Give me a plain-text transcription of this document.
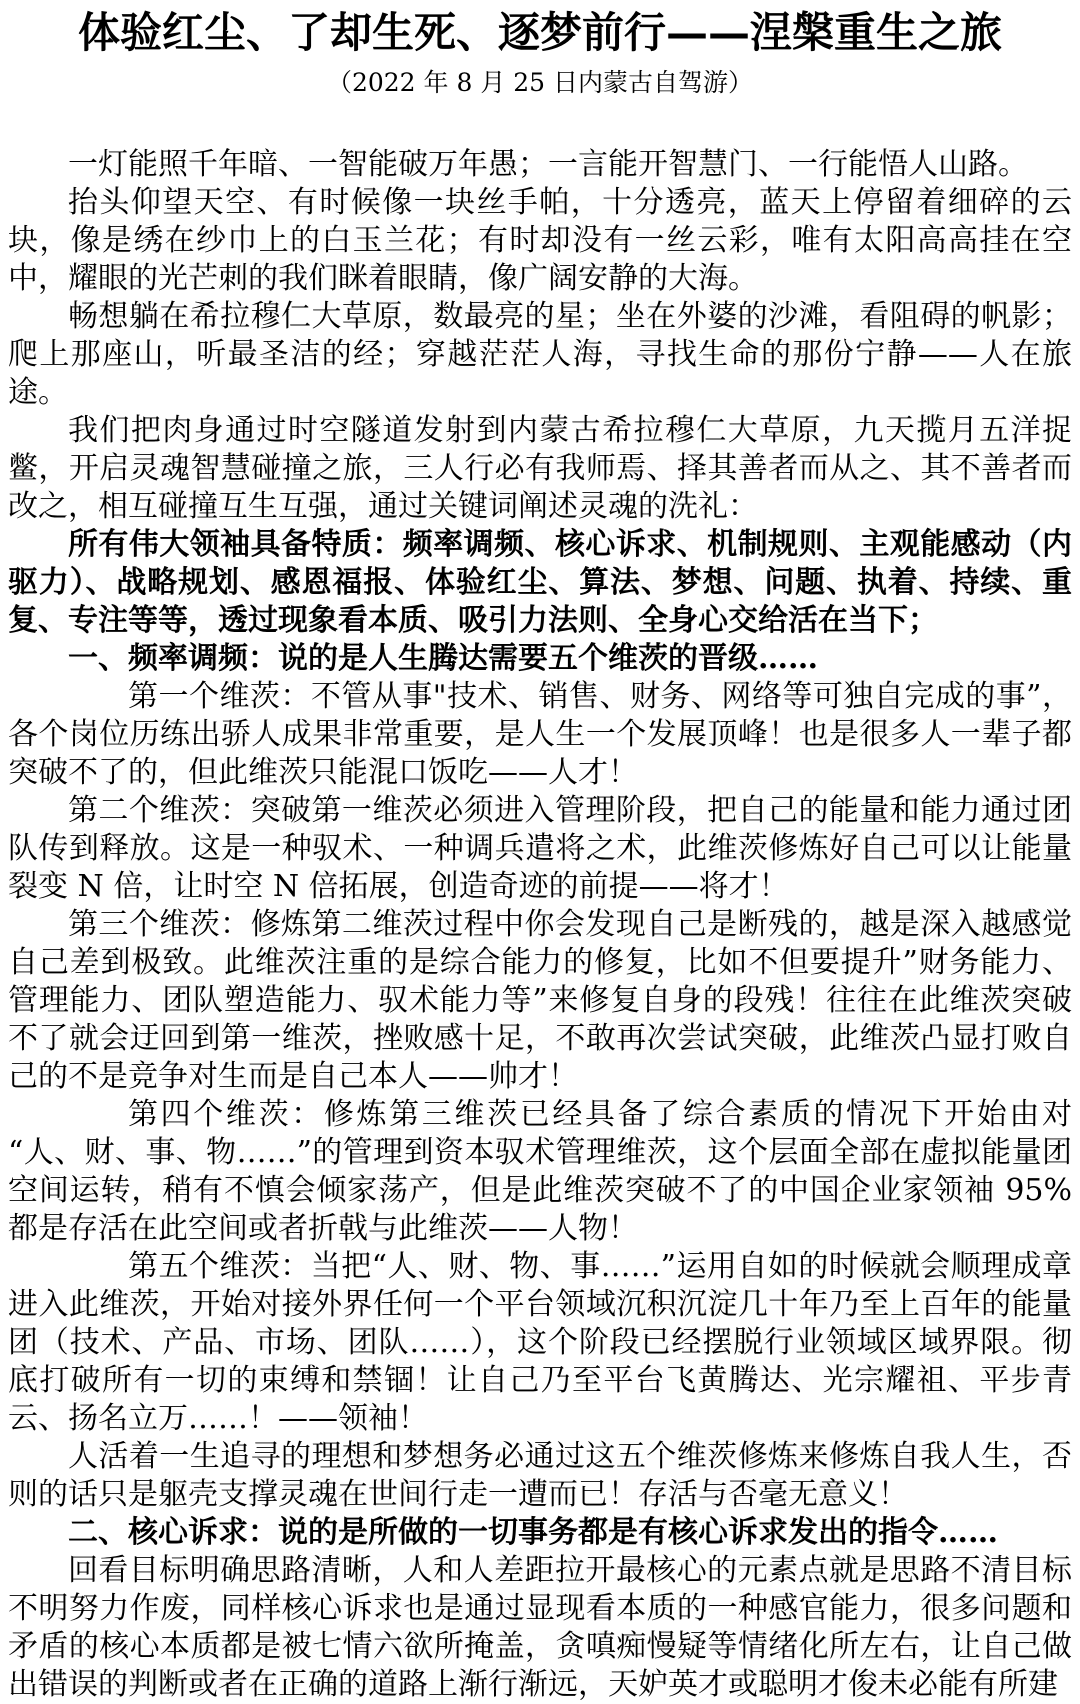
体验红尘、了却生死、逐梦前行——涅槃重生之旅
（2022 年 8 月 25 日内蒙古自驾游）

一灯能照千年暗、一智能破万年愚；一言能开智慧门、一行能悟人山路。

抬头仰望天空、有时候像一块丝手帕，十分透亮，蓝天上停留着细碎的云块，像是绣在纱巾上的白玉兰花；有时却没有一丝云彩，唯有太阳高高挂在空中，耀眼的光芒刺的我们眯着眼睛，像广阔安静的大海。

畅想躺在希拉穆仁大草原，数最亮的星；坐在外婆的沙滩，看阻碍的帆影；爬上那座山，听最圣洁的经；穿越茫茫人海，寻找生命的那份宁静——人在旅途。

我们把肉身通过时空隧道发射到内蒙古希拉穆仁大草原，九天揽月五洋捉鳖，开启灵魂智慧碰撞之旅，三人行必有我师焉、择其善者而从之、其不善者而改之，相互碰撞互生互强，通过关键词阐述灵魂的洗礼：

所有伟大领袖具备特质：频率调频、核心诉求、机制规则、主观能感动（内驱力）、战略规划、感恩福报、体验红尘、算法、梦想、问题、执着、持续、重复、专注等等，透过现象看本质、吸引力法则、全身心交给活在当下；

一、频率调频：说的是人生腾达需要五个维茨的晋级……

第一个维茨：不管从事"技术、销售、财务、网络等可独自完成的事”，各个岗位历练出骄人成果非常重要，是人生一个发展顶峰！也是很多人一辈子都突破不了的，但此维茨只能混口饭吃——人才！

第二个维茨：突破第一维茨必须进入管理阶段，把自己的能量和能力通过团队传到释放。这是一种驭术、一种调兵遣将之术，此维茨修炼好自己可以让能量裂变 N 倍，让时空 N 倍拓展，创造奇迹的前提——将才！

第三个维茨：修炼第二维茨过程中你会发现自己是断残的，越是深入越感觉自己差到极致。此维茨注重的是综合能力的修复，比如不但要提升”财务能力、管理能力、团队塑造能力、驭术能力等”来修复自身的段残！往往在此维茨突破不了就会迂回到第一维茨，挫败感十足，不敢再次尝试突破，此维茨凸显打败自己的不是竞争对生而是自己本人——帅才！

第四个维茨：修炼第三维茨已经具备了综合素质的情况下开始由对“人、财、事、物……”的管理到资本驭术管理维茨，这个层面全部在虚拟能量团空间运转，稍有不慎会倾家荡产，但是此维茨突破不了的中国企业家领袖 95%都是存活在此空间或者折戟与此维茨——人物！

第五个维茨：当把“人、财、物、事……”运用自如的时候就会顺理成章进入此维茨，开始对接外界任何一个平台领域沉积沉淀几十年乃至上百年的能量团（技术、产品、市场、团队……），这个阶段已经摆脱行业领域区域界限。彻底打破所有一切的束缚和禁锢！让自己乃至平台飞黄腾达、光宗耀祖、平步青云、扬名立万……！——领袖！

人活着一生追寻的理想和梦想务必通过这五个维茨修炼来修炼自我人生，否则的话只是躯壳支撑灵魂在世间行走一遭而已！存活与否毫无意义！

二、核心诉求：说的是所做的一切事务都是有核心诉求发出的指令……

回看目标明确思路清晰，人和人差距拉开最核心的元素点就是思路不清目标不明努力作废，同样核心诉求也是通过显现看本质的一种感官能力，很多问题和矛盾的核心本质都是被七情六欲所掩盖，贪嗔痴慢疑等情绪化所左右，让自己做出错误的判断或者在正确的道路上渐行渐远，天妒英才或聪明才俊未必能有所建
